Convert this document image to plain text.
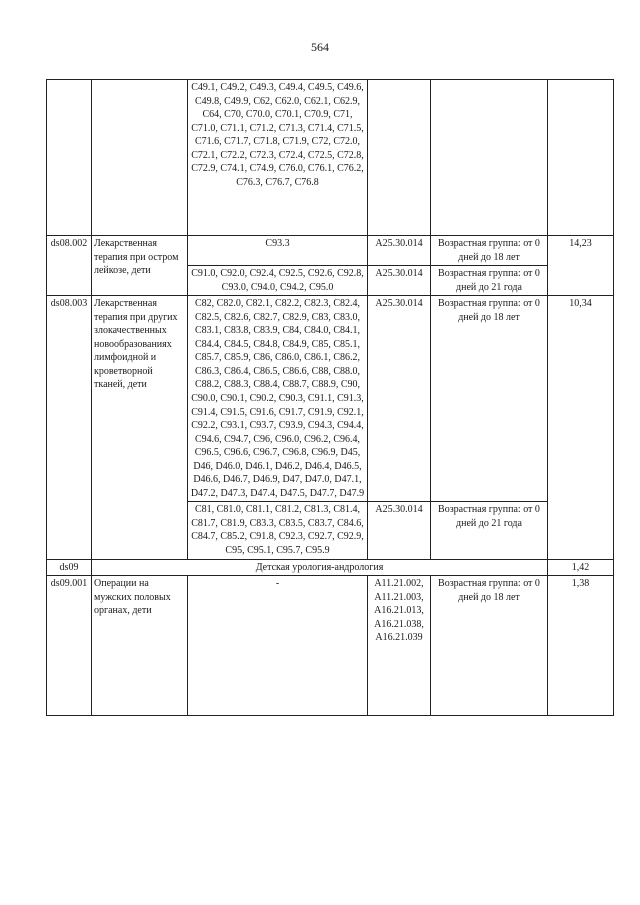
564
		C49.1, C49.2, C49.3, C49.4, C49.5, C49.6, C49.8, C49.9, C62, C62.0, C62.1, C62.9, C64, C70, C70.0, C70.1, C70.9, C71, C71.0, C71.1, C71.2, C71.3, C71.4, C71.5, C71.6, C71.7, C71.8, C71.9, C72, C72.0, C72.1, C72.2, C72.3, C72.4, C72.5, C72.8, C72.9, C74.1, C74.9, C76.0, C76.1, C76.2, C76.3, C76.7, C76.8			
ds08.002	Лекарственная терапия при остром лейкозе, дети	C93.3	A25.30.014	Возрастная группа: от 0 дней до 18 лет	14,23
		C91.0, C92.0, C92.4, C92.5, C92.6, C92.8, C93.0, C94.0, C94.2, C95.0	A25.30.014	Возрастная группа: от 0 дней до 21 года	
ds08.003	Лекарственная терапия при других злокачественных новообразованиях лимфоидной и кроветворной тканей, дети	C82, C82.0, C82.1, C82.2, C82.3, C82.4, C82.5, C82.6, C82.7, C82.9, C83, C83.0, C83.1, C83.8, C83.9, C84, C84.0, C84.1, C84.4, C84.5, C84.8, C84.9, C85, C85.1, C85.7, C85.9, C86, C86.0, C86.1, C86.2, C86.3, C86.4, C86.5, C86.6, C88, C88.0, C88.2, C88.3, C88.4, C88.7, C88.9, C90, C90.0, C90.1, C90.2, C90.3, C91.1, C91.3, C91.4, C91.5, C91.6, C91.7, C91.9, C92.1, C92.2, C93.1, C93.7, C93.9, C94.3, C94.4, C94.6, C94.7, C96, C96.0, C96.2, C96.4, C96.5, C96.6, C96.7, C96.8, C96.9, D45, D46, D46.0, D46.1, D46.2, D46.4, D46.5, D46.6, D46.7, D46.9, D47, D47.0, D47.1, D47.2, D47.3, D47.4, D47.5, D47.7, D47.9	A25.30.014	Возрастная группа: от 0 дней до 18 лет	10,34
		C81, C81.0, C81.1, C81.2, C81.3, C81.4, C81.7, C81.9, C83.3, C83.5, C83.7, C84.6, C84.7, C85.2, C91.8, C92.3, C92.7, C92.9, C95, C95.1, C95.7, C95.9	A25.30.014	Возрастная группа: от 0 дней до 21 года	
ds09	Детская урология-андрология				1,42
ds09.001	Операции на мужских половых органах, дети	-	A11.21.002, A11.21.003, A16.21.013, A16.21.038, A16.21.039	Возрастная группа: от 0 дней до 18 лет	1,38
